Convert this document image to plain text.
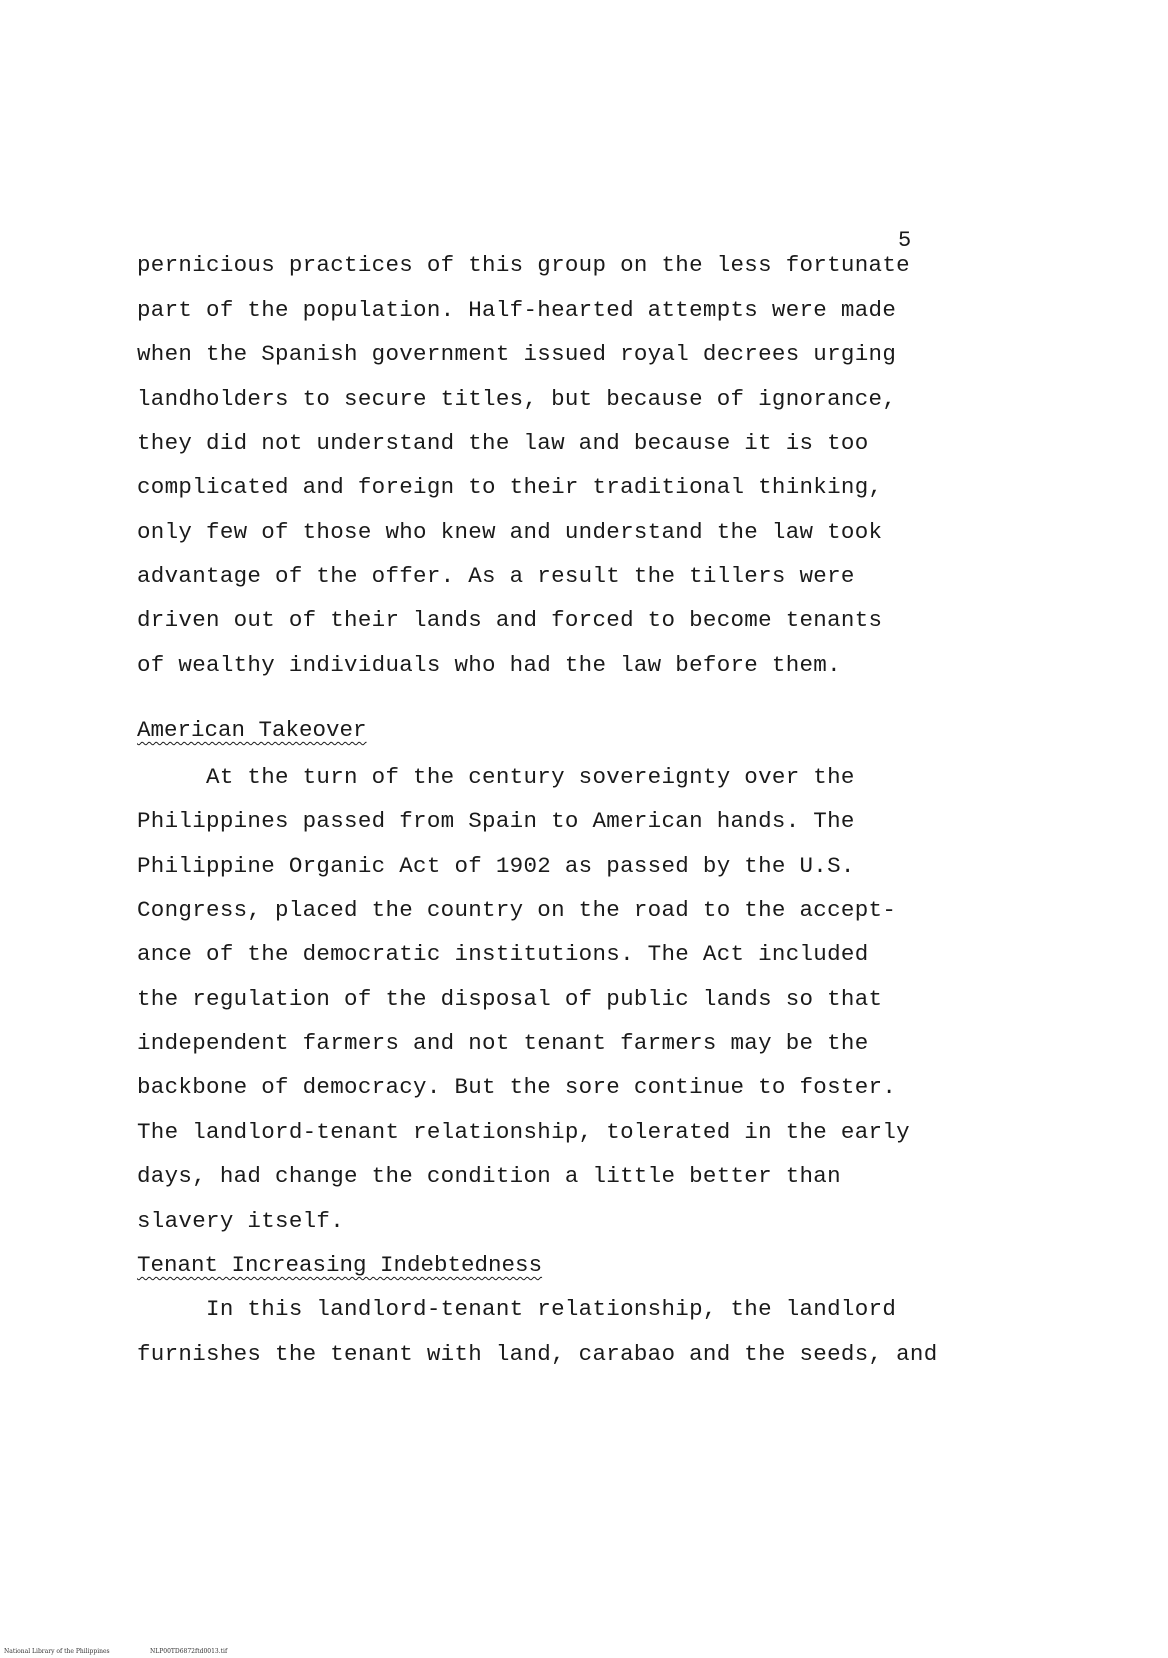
5
pernicious practices of this group on the less fortunate
part of the population. Half-hearted attempts were made
when the Spanish government issued royal decrees urging
landholders to secure titles, but because of ignorance,
they did not understand the law and because it is too
complicated and foreign to their traditional thinking,
only few of those who knew and understand the law took
advantage of the offer. As a result the tillers were
driven out of their lands and forced to become tenants
of wealthy individuals who had the law before them.
American Takeover
At the turn of the century sovereignty over the
Philippines passed from Spain to American hands. The
Philippine Organic Act of 1902 as passed by the U.S.
Congress, placed the country on the road to the accept-
ance of the democratic institutions. The Act included
the regulation of the disposal of public lands so that
independent farmers and not tenant farmers may be the
backbone of democracy. But the sore continue to foster.
The landlord-tenant relationship, tolerated in the early
days, had change the condition a little better than
slavery itself.
Tenant Increasing Indebtedness
In this landlord-tenant relationship, the landlord
furnishes the tenant with land, carabao and the seeds, and
National Library of the Philippines	NLP00TD6872ftd0013.tif
